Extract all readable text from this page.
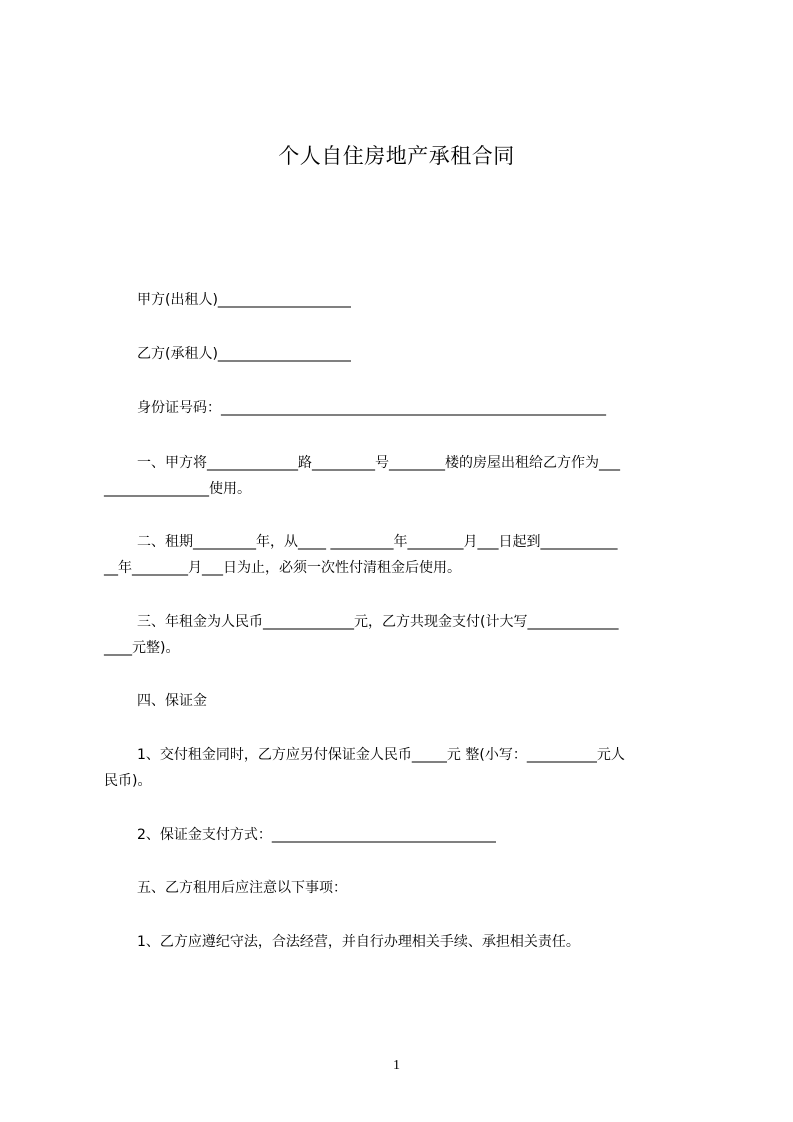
个人自住房地产承租合同
甲方(出租人)___________________
乙方(承租人)___________________
身份证号码：_______________________________________________________
一、甲方将_____________路_________号________楼的房屋出租给乙方作为___
_______________使用。
二、租期_________年，从____ _________年________月___日起到___________
__年________月___日为止，必须一次性付清租金后使用。
三、年租金为人民币_____________元，乙方共现金支付(计大写_____________
____元整)。
四、保证金
1、交付租金同时，乙方应另付保证金人民币_____元 整(小写：__________元人
民币)。
2、保证金支付方式：________________________________
五、乙方租用后应注意以下事项：
1、乙方应遵纪守法，合法经营，并自行办理相关手续、承担相关责任。
1
